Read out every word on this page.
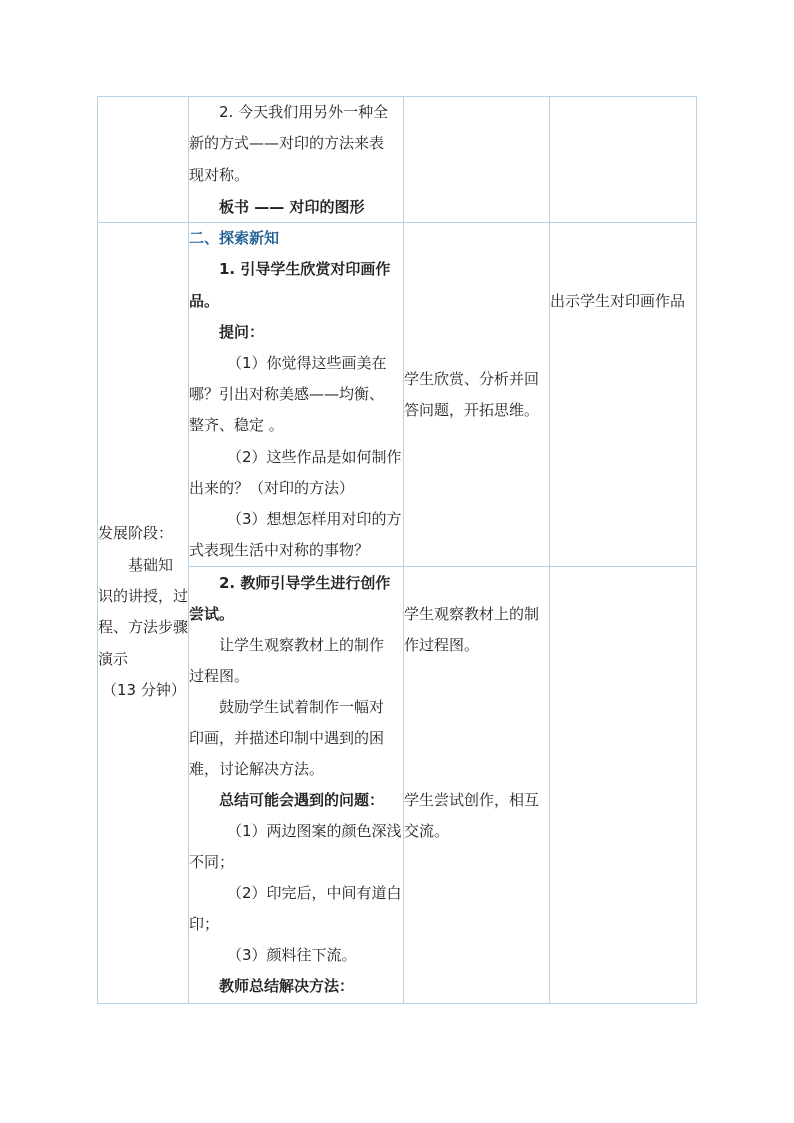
2. 今天我们用另外一种全
新的方式——对印的方法来表
现对称。
板书 —— 对印的图形
发展阶段：
基础知
识的讲授，过
程、方法步骤
演示
（13 分钟）
二、探索新知
1. 引导学生欣赏对印画作
品。
提问：
（1）你觉得这些画美在
哪？引出对称美感——均衡、
整齐、稳定 。
（2）这些作品是如何制作
出来的？（对印的方法）
（3）想想怎样用对印的方
式表现生活中对称的事物？
学生欣赏、分析并回
答问题，开拓思维。
出示学生对印画作品
2. 教师引导学生进行创作
尝试。
让学生观察教材上的制作
过程图。
鼓励学生试着制作一幅对
印画，并描述印制中遇到的困
难，讨论解决方法。
总结可能会遇到的问题：
（1）两边图案的颜色深浅
不同；
（2）印完后，中间有道白
印；
（3）颜料往下流。
教师总结解决方法：
学生观察教材上的制
作过程图。
学生尝试创作，相互
交流。
